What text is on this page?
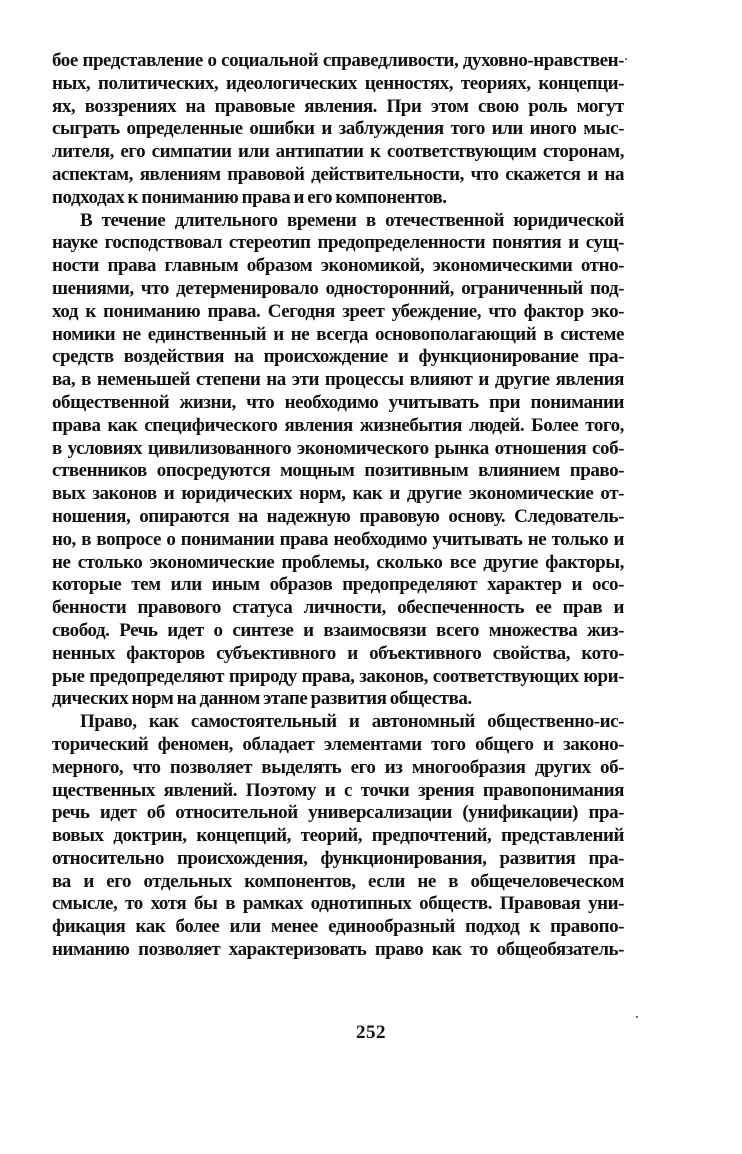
бое представление о социальной справедливости, духовно-нравствен-
ных, политических, идеологических ценностях, теориях, концепци-
ях, воззрениях на правовые явления. При этом свою роль могут
сыграть определенные ошибки и заблуждения того или иного мыс-
лителя, его симпатии или антипатии к соответствующим сторонам,
аспектам, явлениям правовой действительности, что скажется и на
подходах к пониманию права и его компонентов.
В течение длительного времени в отечественной юридической
науке господствовал стереотип предопределенности понятия и сущ-
ности права главным образом экономикой, экономическими отно-
шениями, что детерменировало односторонний, ограниченный под-
ход к пониманию права. Сегодня зреет убеждение, что фактор эко-
номики не единственный и не всегда основополагающий в системе
средств воздействия на происхождение и функционирование пра-
ва, в неменьшей степени на эти процессы влияют и другие явления
общественной жизни, что необходимо учитывать при понимании
права как специфического явления жизнебытия людей. Более того,
в условиях цивилизованного экономического рынка отношения соб-
ственников опосредуются мощным позитивным влиянием право-
вых законов и юридических норм, как и другие экономические от-
ношения, опираются на надежную правовую основу. Следователь-
но, в вопросе о понимании права необходимо учитывать не только и
не столько экономические проблемы, сколько все другие факторы,
которые тем или иным образов предопределяют характер и осо-
бенности правового статуса личности, обеспеченность ее прав и
свобод. Речь идет о синтезе и взаимосвязи всего множества жиз-
ненных факторов субъективного и объективного свойства, кото-
рые предопределяют природу права, законов, соответствующих юри-
дических норм на данном этапе развития общества.
Право, как самостоятельный и автономный общественно-ис-
торический феномен, обладает элементами того общего и законо-
мерного, что позволяет выделять его из многообразия других об-
щественных явлений. Поэтому и с точки зрения правопонимания
речь идет об относительной универсализации (унификации) пра-
вовых доктрин, концепций, теорий, предпочтений, представлений
относительно происхождения, функционирования, развития пра-
ва и его отдельных компонентов, если не в общечеловеческом
смысле, то хотя бы в рамках однотипных обществ. Правовая уни-
фикация как более или менее единообразный подход к правопо-
ниманию позволяет характеризовать право как то общеобязатель-
252
